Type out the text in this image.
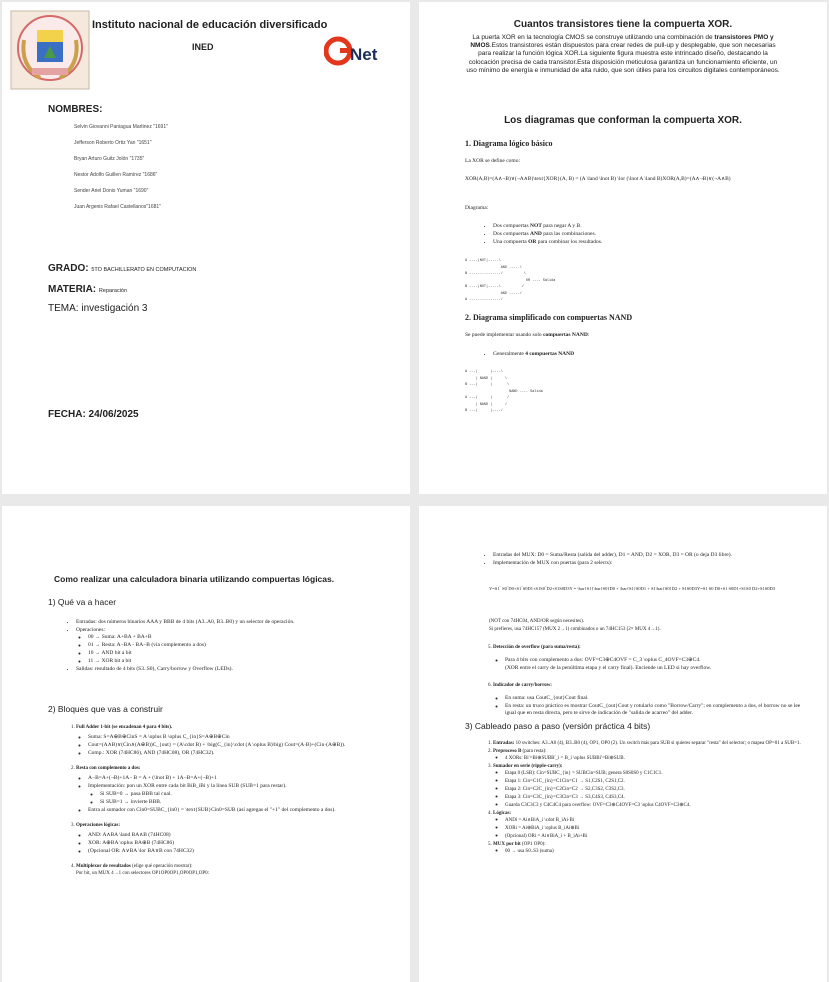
Instituto nacional de educación diversificado
INED	Net
NOMBRES:
Selvin Giovanni Paniagua Martinez "1691"
Jefferson Roberto Ortiz Yan "1651"
Bryan Arturo Guitz Jolón "1735"
Nestor Adolfo Guillen Ramírez "1686"
Sender Ariel Donis Yuman "1690"
Juan Argenis Rafael Castellanos"1681"
GRADO: 5TO BACHILLERATO EN COMPUTACION
MATERIA: Reparación
TEMA: investigación 3
FECHA: 24/06/2025
Cuantos transistores tiene la compuerta XOR.
La puerta XOR en la tecnología CMOS se construye utilizando una combinación de transistores PMO y NMOS.Estos transistores están dispuestos para crear redes de pull-up y desplegable, que son necesarias para realizar la función lógica XOR.La siguiente figura muestra este intrincado diseño, destacando la colocación precisa de cada transistor.Esta disposición meticulosa garantiza un funcionamiento eficiente, un uso mínimo de energía e inmunidad de alta ruido, que son útiles para los circuitos digitales contemporáneos.
Los diagramas que conforman la compuerta XOR.
1. Diagrama lógico básico
La XOR se define como:
XOR(A,B)=(A∧¬B)∨(¬A∧B)\text{XOR}(A, B) = (A \land \lnot B) \lor (\lnot A \land B)XOR(A,B)=(A∧¬B)∨(¬A∧B)
Diagrama:
• Dos compuertas NOT para negar A y B.
• Dos compuertas AND para las combinaciones.
• Una compuerta OR para combinar los resultados.
A ----|NOT|-----\
AND -----\
B ---------------/          \
OR ---- Salida
B ----|NOT|-----\          /
AND -----/
A ---------------/
2. Diagrama simplificado con compuertas NAND
Se puede implementar usando solo compuertas NAND:
• Generalmente 4 compuertas NAND
A ---|      |----\
| NAND |      \
B ---|      |       \
NAND ---- Salida
A ---|      |       /
| NAND |      /
B ---|      |----/
Como realizar una calculadora binaria utilizando compuertas lógicas.
1) Qué va a hacer
• Entradas: dos números binarios AAA y BBB de 4 bits (A3..A0, B3..B0) y un selector de operación.
• Operaciones:
◦ 00 → Suma: A+BA + BA+B
◦ 01 → Resta: A−BA - BA−B (vía complemento a dos)
◦ 10 → AND bit a bit
◦ 11 → XOR bit a bit
• Salidas: resultado de 4 bits (S3..S0), Carry/borrow y Overflow (LEDs).
2) Bloques que vas a construir
1. Full Adder 1-bit (se encadenan 4 para 4 bits).
◦ Suma: S=A⊕B⊕CinS = A \oplus B \oplus C_{in}S=A⊕B⊕Cin
◦ Cout=(A∧B)∨(Cin∧(A⊕B))C_{out} = (A\cdot B) + \big(C_{in}\cdot (A \oplus B)\big) Cout=(A·B)+(Cin·(A⊕B)).
◦ Comp.: XOR (74HC86), AND (74HC08), OR (74HC32).
2. Resta con complemento a dos:
◦ A−B=A+(¬B)+1A - B = A + (\lnot B) + 1A−B=A+(¬B)+1
◦ Implementación: pon un XOR entre cada bit BiB_iBi y la línea SUB (SUB=1 para restar).
◦ Si SUB=0 → pasa BBB tal cual.
◦ Si SUB=1 → invierte BBB.
◦ Entra al sumador con Cin0=SUBC_{in0} = \text{SUB}Cin0=SUB (así agregas el "+1" del complemento a dos).
3. Operaciones lógicas:
◦ AND: A∧BA \land BA∧B (74HC08)
◦ XOR: A⊕BA \oplus BA⊕B (74HC86)
◦ (Opcional OR: A∨BA \lor BA∨B con 74HC32)
4. Multiplexor de resultados (elige qué operación mostrar):
Por bit, un MUX 4→1 con selectores OP1OP0OP1,OP0OP1,OP0:
• Entradas del MUX: D0 = Suma/Resta (salida del adder), D1 = AND, D2 = XOR, D3 = OR (o deja D3 libre).
• Implementación de MUX con puertas (para 2 selects):
Y=S1‾ S0‾D0+S1‾S0D1+S1S0‾D2+S1S0D3Y = \bar{S1}\bar{S0}D0 + \bar{S1}S0D1 + S1\bar{S0}D2 + S1S0D3Y=S1 S0 D0+S1 S0D1+S1S0 D2+S1S0D3
(NOT con 74HC04, AND/OR según necesites).
Si prefieres, usa 74HC157 (MUX 2→1) combinados o un 74HC153 (2× MUX 4→1).
5. Detección de overflow (para suma/resta):
◦ Para 4 bits con complemento a dos: OVF=C3⊕C4OVF = C_3 \oplus C_4OVF=C3⊕C4.
(XOR entre el carry de la penúltima etapa y el carry final). Enciende un LED si hay overflow.
6. Indicador de carry/borrow:
◦ En suma: usa CoutC_{out}Cout final.
◦ En resta: un truco práctico es mostrar CoutC_{out}Cout y rotularlo como "Borrow/Carry"; en complemento a dos, el borrow no se lee igual que en resta directa, pero te sirve de indicación de "salida de acarreo" del adder.
3) Cableado paso a paso (versión práctica 4 bits)
1. Entradas: 10 switches: A3..A0 (4), B3..B0 (4), OP1, OP0 (2). Un switch más para SUB si quieres separar "resta" del selector; o mapea OP=01 a SUB=1.
2. Preproceso B (para resta):
◦ 4 XORs: Bi′=Bi⊕SUBB'_i = B_i \oplus SUBBi′=Bi⊕SUB.
3. Sumador en serie (ripple-carry):
◦ Etapa 0 (LSB): Cin=SUBC_{in} = SUBCin=SUB; genera S0S0S0 y C1C1C1.
◦ Etapa 1: Cin=C1C_{in}=C1Cin=C1 → S1,C2S1, C2S1,C2.
◦ Etapa 2: Cin=C2C_{in}=C2Cin=C2 → S2,C3S2, C3S2,C3.
◦ Etapa 3: Cin=C3C_{in}=C3Cin=C3 → S3,C4S3, C4S3,C4.
◦ Guarda C3C3C3 y C4C4C4 para overflow: OVF=C3⊕C4OVF=C3 \oplus C4OVF=C3⊕C4.
4. Lógicas:
◦ ANDi = Ai∧BiA_i \cdot B_iAi·Bi
◦ XORi = Ai⊕BiA_i \oplus B_iAi⊕Bi
◦ (Opcional) ORi = Ai∨BiA_i + B_iAi+Bi
5. MUX por bit (OP1 OP0):
◦ 00 → usa S0..S3 (suma)
